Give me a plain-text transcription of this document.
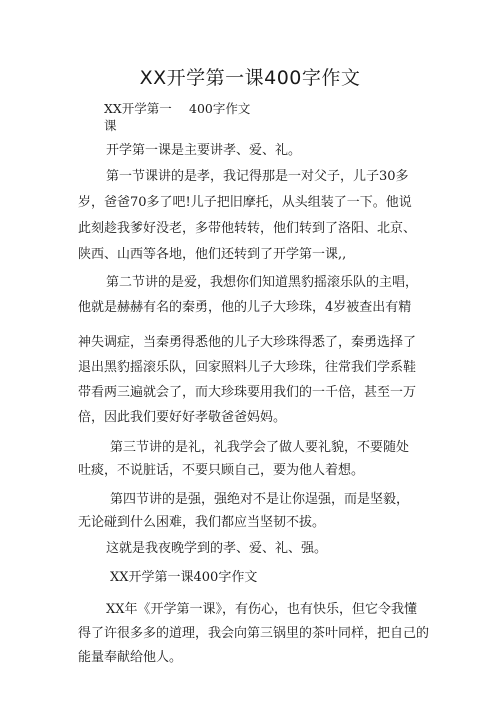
XX开学第一课400字作文
XX开学第一课
400字作文
开学第一课是主要讲孝、爱、礼。
第一节课讲的是孝，我记得那是一对父子，儿子30多
岁，爸爸70多了吧!儿子把旧摩托，从头组装了一下。他说
此刻趁我爹好没老，多带他转转，他们转到了洛阳、北京、
陕西、山西等各地，他们还转到了开学第一课,,
第二节讲的是爱，我想你们知道黑豹摇滚乐队的主唱，
他就是赫赫有名的秦勇，他的儿子大珍珠，4岁被查出有精
神失调症，当秦勇得悉他的儿子大珍珠得悉了，秦勇选择了
退出黑豹摇滚乐队，回家照料儿子大珍珠，往常我们学系鞋
带看两三遍就会了，而大珍珠要用我们的一千倍，甚至一万
倍，因此我们要好好孝敬爸爸妈妈。
第三节讲的是礼，礼我学会了做人要礼貌，不要随处
吐痰，不说脏话，不要只顾自己，要为他人着想。
第四节讲的是强，强绝对不是让你逞强，而是坚毅，
无论碰到什么困难，我们都应当坚韧不拔。
这就是我夜晚学到的孝、爱、礼、强。
XX开学第一课400字作文
XX年《开学第一课》，有伤心，也有快乐，但它令我懂
得了许很多多的道理，我会向第三锅里的茶叶同样，把自己的
能量奉献给他人。
